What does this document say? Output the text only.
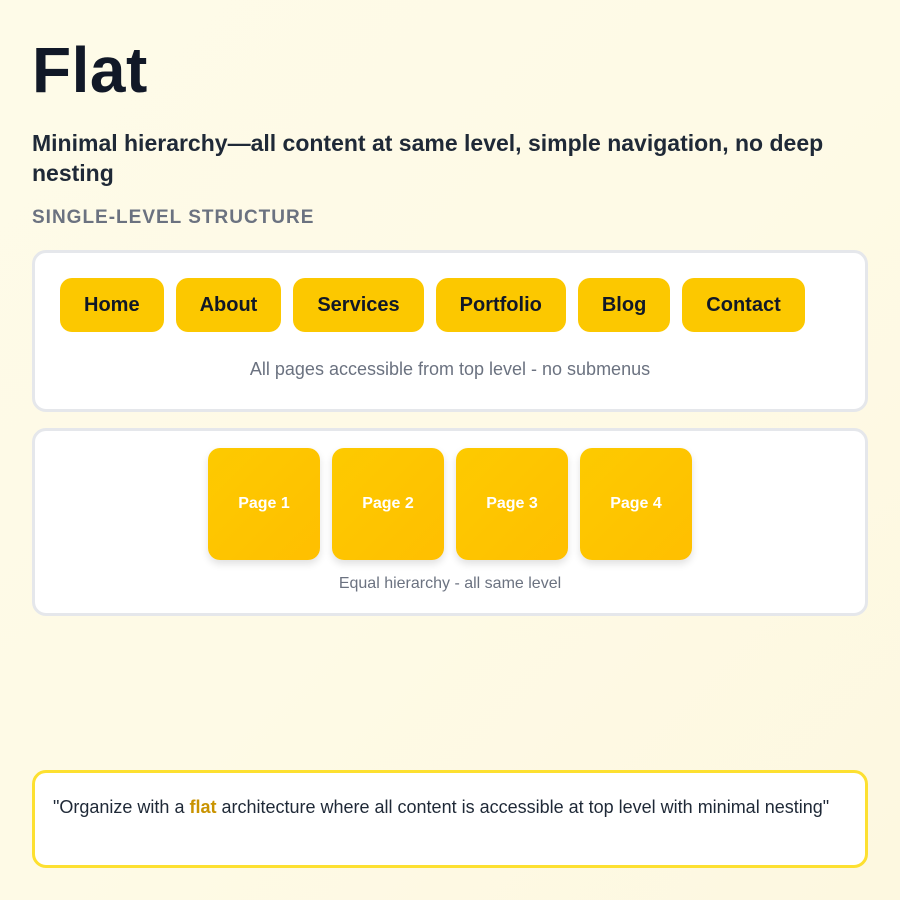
Flat
Minimal hierarchy—all content at same level, simple navigation, no deep nesting
SINGLE-LEVEL STRUCTURE
Home	About	Services	Portfolio	Blog	Contact
All pages accessible from top level - no submenus
Page 1	Page 2	Page 3	Page 4
Equal hierarchy - all same level
"Organize with a flat architecture where all content is accessible at top level with minimal nesting"
